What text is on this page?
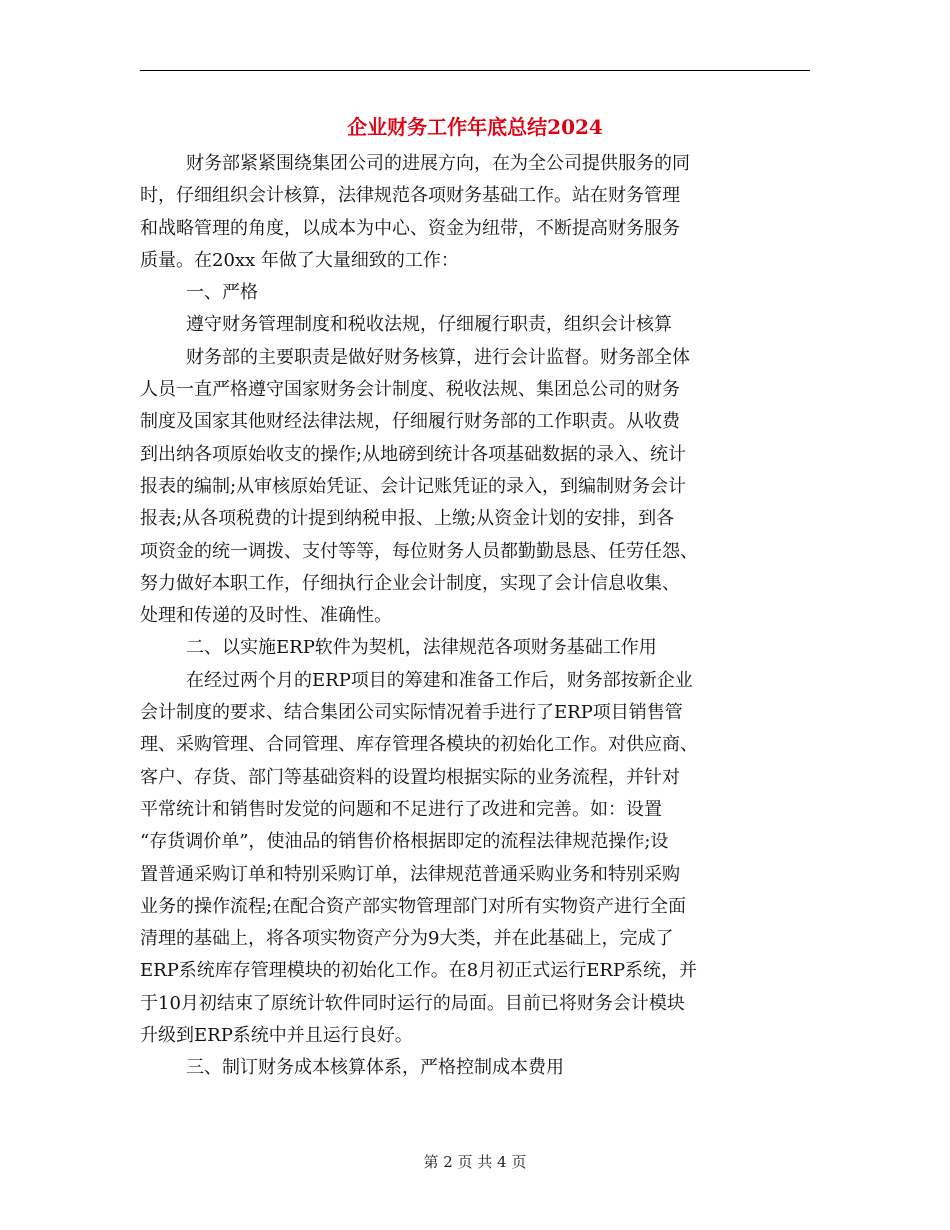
企业财务工作年底总结2024
财务部紧紧围绕集团公司的进展方向，在为全公司提供服务的同
时，仔细组织会计核算，法律规范各项财务基础工作。站在财务管理
和战略管理的角度，以成本为中心、资金为纽带，不断提高财务服务
质量。在20xx 年做了大量细致的工作：
一、严格
遵守财务管理制度和税收法规，仔细履行职责，组织会计核算
财务部的主要职责是做好财务核算，进行会计监督。财务部全体
人员一直严格遵守国家财务会计制度、税收法规、集团总公司的财务
制度及国家其他财经法律法规，仔细履行财务部的工作职责。从收费
到出纳各项原始收支的操作;从地磅到统计各项基础数据的录入、统计
报表的编制;从审核原始凭证、会计记账凭证的录入，到编制财务会计
报表;从各项税费的计提到纳税申报、上缴;从资金计划的安排，到各
项资金的统一调拨、支付等等，每位财务人员都勤勤恳恳、任劳任怨、
努力做好本职工作，仔细执行企业会计制度，实现了会计信息收集、
处理和传递的及时性、准确性。
二、以实施ERP软件为契机，法律规范各项财务基础工作用
在经过两个月的ERP项目的筹建和准备工作后，财务部按新企业
会计制度的要求、结合集团公司实际情况着手进行了ERP项目销售管
理、采购管理、合同管理、库存管理各模块的初始化工作。对供应商、
客户、存货、部门等基础资料的设置均根据实际的业务流程，并针对
平常统计和销售时发觉的问题和不足进行了改进和完善。如：设置
“存货调价单”，使油品的销售价格根据即定的流程法律规范操作;设
置普通采购订单和特别采购订单，法律规范普通采购业务和特别采购
业务的操作流程;在配合资产部实物管理部门对所有实物资产进行全面
清理的基础上，将各项实物资产分为9大类，并在此基础上，完成了
ERP系统库存管理模块的初始化工作。在8月初正式运行ERP系统，并
于10月初结束了原统计软件同时运行的局面。目前已将财务会计模块
升级到ERP系统中并且运行良好。
三、制订财务成本核算体系，严格控制成本费用
第 2 页 共 4 页
